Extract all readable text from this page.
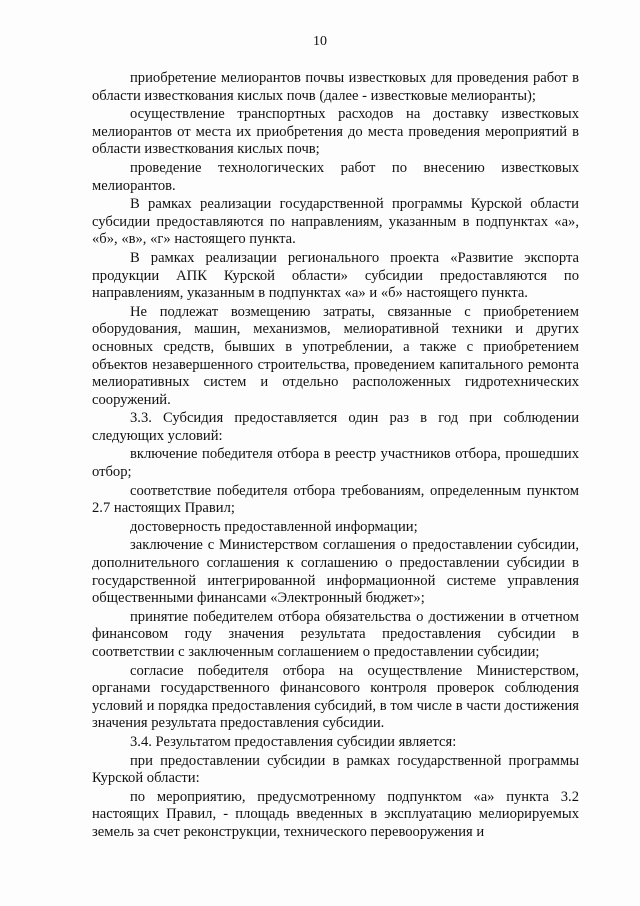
10

приобретение мелиорантов почвы известковых для проведения работ в области известкования кислых почв (далее - известковые мелиоранты);

осуществление транспортных расходов на доставку известковых мелиорантов от места их приобретения до места проведения мероприятий в области известкования кислых почв;

проведение технологических работ по внесению известковых мелиорантов.

В рамках реализации государственной программы Курской области субсидии предоставляются по направлениям, указанным в подпунктах «а», «б», «в», «г» настоящего пункта.

В рамках реализации регионального проекта «Развитие экспорта продукции АПК Курской области» субсидии предоставляются по направлениям, указанным в подпунктах «а» и «б» настоящего пункта.

Не подлежат возмещению затраты, связанные с приобретением оборудования, машин, механизмов, мелиоративной техники и других основных средств, бывших в употреблении, а также с приобретением объектов незавершенного строительства, проведением капитального ремонта мелиоративных систем и отдельно расположенных гидротехнических сооружений.

3.3. Субсидия предоставляется один раз в год при соблюдении следующих условий:

включение победителя отбора в реестр участников отбора, прошедших отбор;

соответствие победителя отбора требованиям, определенным пунктом 2.7 настоящих Правил;

достоверность предоставленной информации;

заключение с Министерством соглашения о предоставлении субсидии, дополнительного соглашения к соглашению о предоставлении субсидии в государственной интегрированной информационной системе управления общественными финансами «Электронный бюджет»;

принятие победителем отбора обязательства о достижении в отчетном финансовом году значения результата предоставления субсидии в соответствии с заключенным соглашением о предоставлении субсидии;

согласие победителя отбора на осуществление Министерством, органами государственного финансового контроля проверок соблюдения условий и порядка предоставления субсидий, в том числе в части достижения значения результата предоставления субсидии.

3.4. Результатом предоставления субсидии является:

при предоставлении субсидии в рамках государственной программы Курской области:

по мероприятию, предусмотренному подпунктом «а» пункта 3.2 настоящих Правил, - площадь введенных в эксплуатацию мелиорируемых земель за счет реконструкции, технического перевооружения и
